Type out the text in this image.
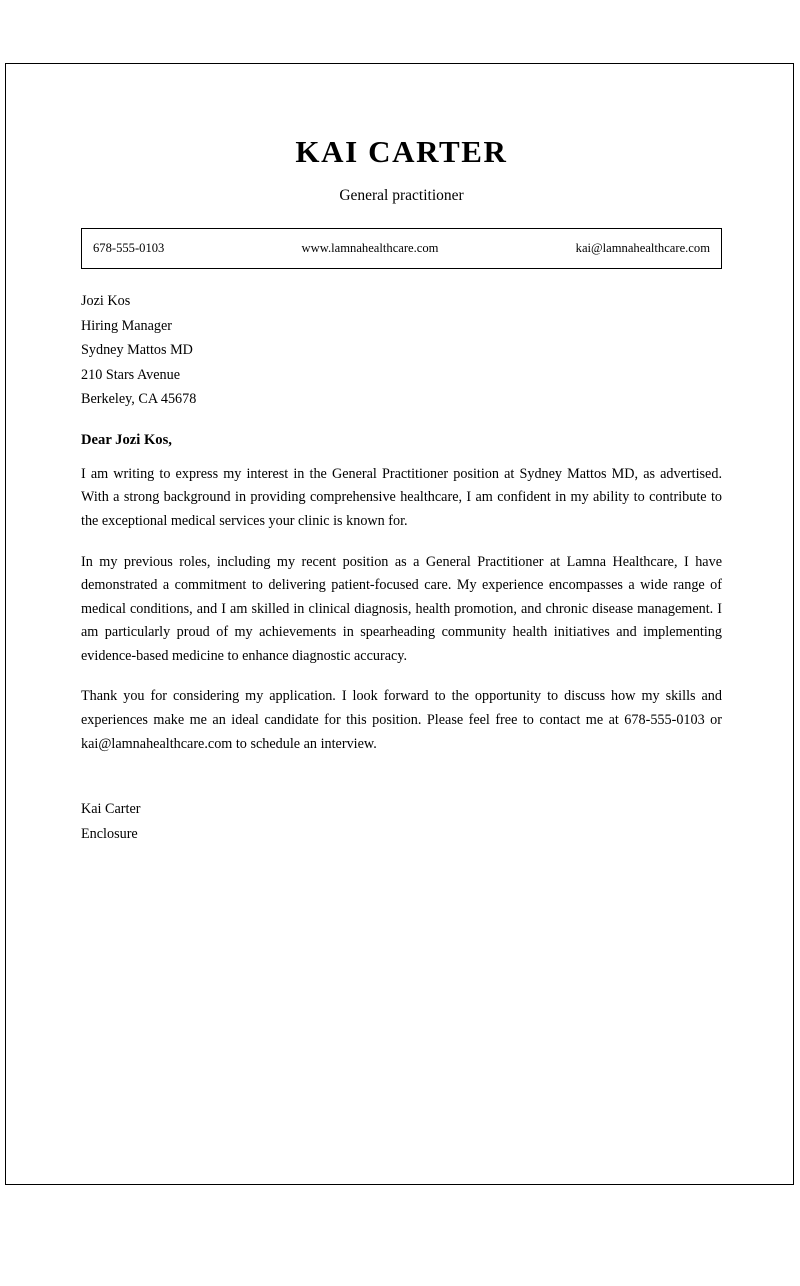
KAI CARTER
General practitioner
678-555-0103	www.lamnahealthcare.com	kai@lamnahealthcare.com
Jozi Kos
Hiring Manager
Sydney Mattos MD
210 Stars Avenue
Berkeley, CA 45678
Dear Jozi Kos,

I am writing to express my interest in the General Practitioner position at Sydney Mattos MD, as advertised. With a strong background in providing comprehensive healthcare, I am confident in my ability to contribute to the exceptional medical services your clinic is known for.

In my previous roles, including my recent position as a General Practitioner at Lamna Healthcare, I have demonstrated a commitment to delivering patient-focused care. My experience encompasses a wide range of medical conditions, and I am skilled in clinical diagnosis, health promotion, and chronic disease management. I am particularly proud of my achievements in spearheading community health initiatives and implementing evidence-based medicine to enhance diagnostic accuracy.

Thank you for considering my application. I look forward to the opportunity to discuss how my skills and experiences make me an ideal candidate for this position. Please feel free to contact me at 678-555-0103 or kai@lamnahealthcare.com to schedule an interview.

Kai Carter
Enclosure
